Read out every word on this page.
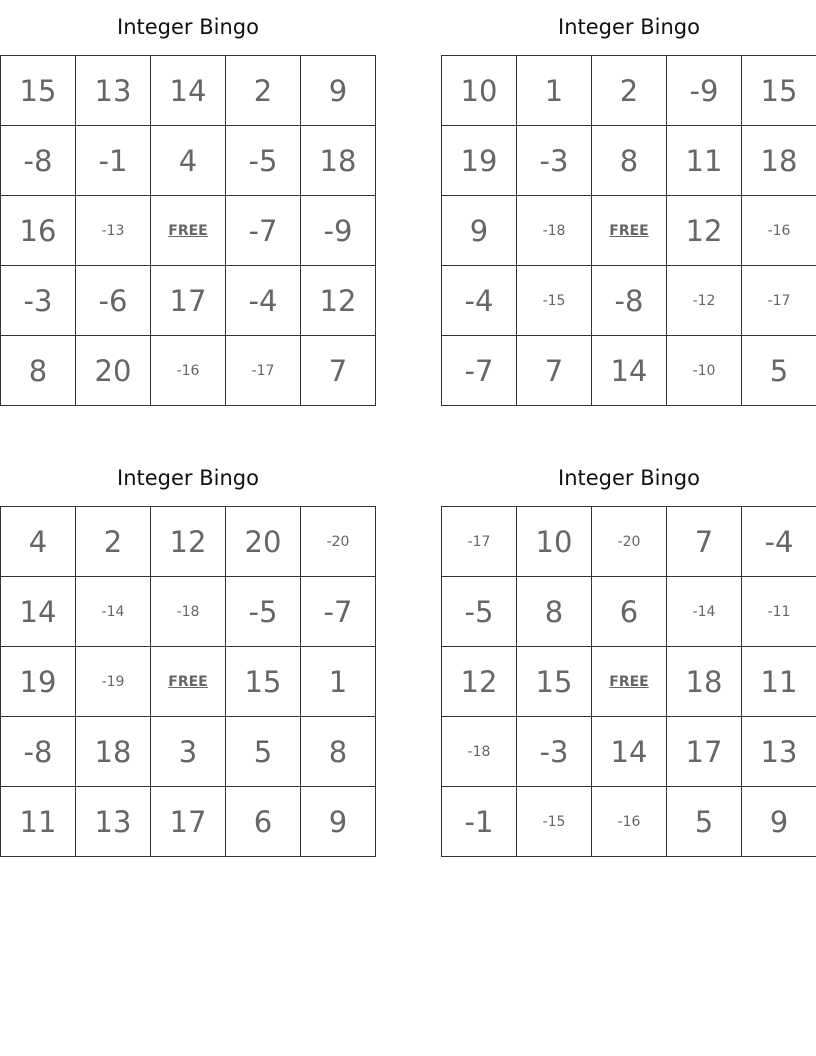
Integer Bingo
15	13	14	2	9
-8	-1	4	-5	18
16	-13	FREE	-7	-9
-3	-6	17	-4	12
8	20	-16	-17	7
Integer Bingo
10	1	2	-9	15
19	-3	8	11	18
9	-18	FREE	12	-16
-4	-15	-8	-12	-17
-7	7	14	-10	5
Integer Bingo
4	2	12	20	-20
14	-14	-18	-5	-7
19	-19	FREE	15	1
-8	18	3	5	8
11	13	17	6	9
Integer Bingo
-17	10	-20	7	-4
-5	8	6	-14	-11
12	15	FREE	18	11
-18	-3	14	17	13
-1	-15	-16	5	9
